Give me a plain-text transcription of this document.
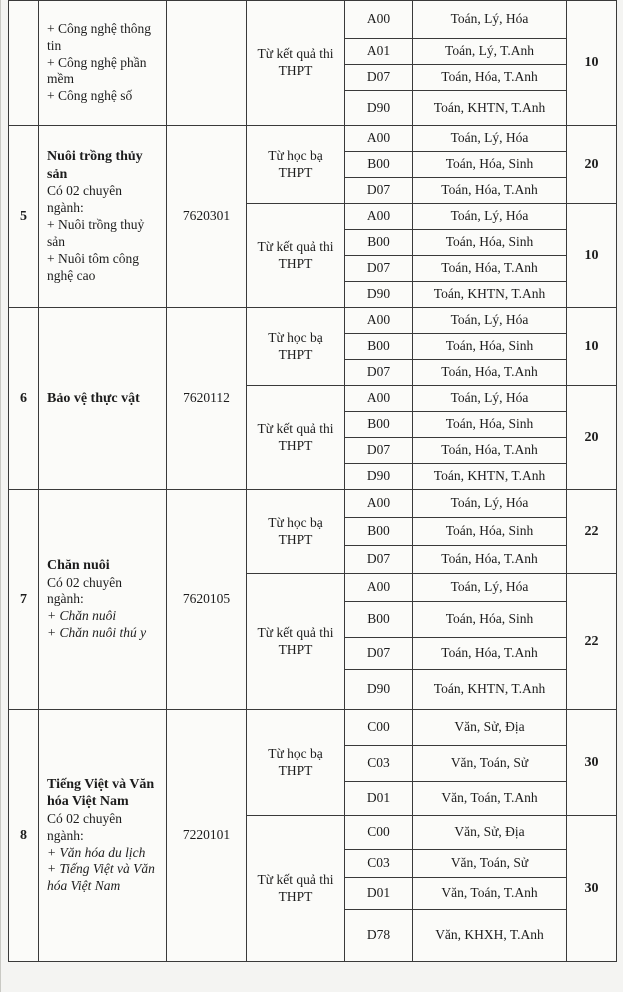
	+ Công nghệ thông tin
+ Công nghệ phần mềm
+ Công nghệ số		Từ kết quả thi THPT	A00	Toán, Lý, Hóa	10
				A01	Toán, Lý, T.Anh	
				D07	Toán, Hóa, T.Anh	
				D90	Toán, KHTN, T.Anh	
5	Nuôi trồng thủy sản
Có 02 chuyên ngành:
+ Nuôi trồng thuỷ sản
+ Nuôi tôm công nghệ cao	7620301	Từ học bạ THPT	A00	Toán, Lý, Hóa	20
				B00	Toán, Hóa, Sinh	
				D07	Toán, Hóa, T.Anh	
			Từ kết quả thi THPT	A00	Toán, Lý, Hóa	10
				B00	Toán, Hóa, Sinh	
				D07	Toán, Hóa, T.Anh	
				D90	Toán, KHTN, T.Anh	
6	Bảo vệ thực vật	7620112	Từ học bạ THPT	A00	Toán, Lý, Hóa	10
				B00	Toán, Hóa, Sinh	
				D07	Toán, Hóa, T.Anh	
			Từ kết quả thi THPT	A00	Toán, Lý, Hóa	20
				B00	Toán, Hóa, Sinh	
				D07	Toán, Hóa, T.Anh	
				D90	Toán, KHTN, T.Anh	
7	Chăn nuôi
Có 02 chuyên ngành:
+ Chăn nuôi
+ Chăn nuôi thú y	7620105	Từ học bạ THPT	A00	Toán, Lý, Hóa	22
				B00	Toán, Hóa, Sinh	
				D07	Toán, Hóa, T.Anh	
			Từ kết quả thi THPT	A00	Toán, Lý, Hóa	22
				B00	Toán, Hóa, Sinh	
				D07	Toán, Hóa, T.Anh	
				D90	Toán, KHTN, T.Anh	
8	Tiếng Việt và Văn hóa Việt Nam
Có 02 chuyên ngành:
+ Văn hóa du lịch
+ Tiếng Việt và Văn hóa Việt Nam	7220101	Từ học bạ THPT	C00	Văn, Sử, Địa	30
				C03	Văn, Toán, Sử	
				D01	Văn, Toán, T.Anh	
			Từ kết quả thi THPT	C00	Văn, Sử, Địa	30
				C03	Văn, Toán, Sử	
				D01	Văn, Toán, T.Anh	
				D78	Văn, KHXH, T.Anh	
